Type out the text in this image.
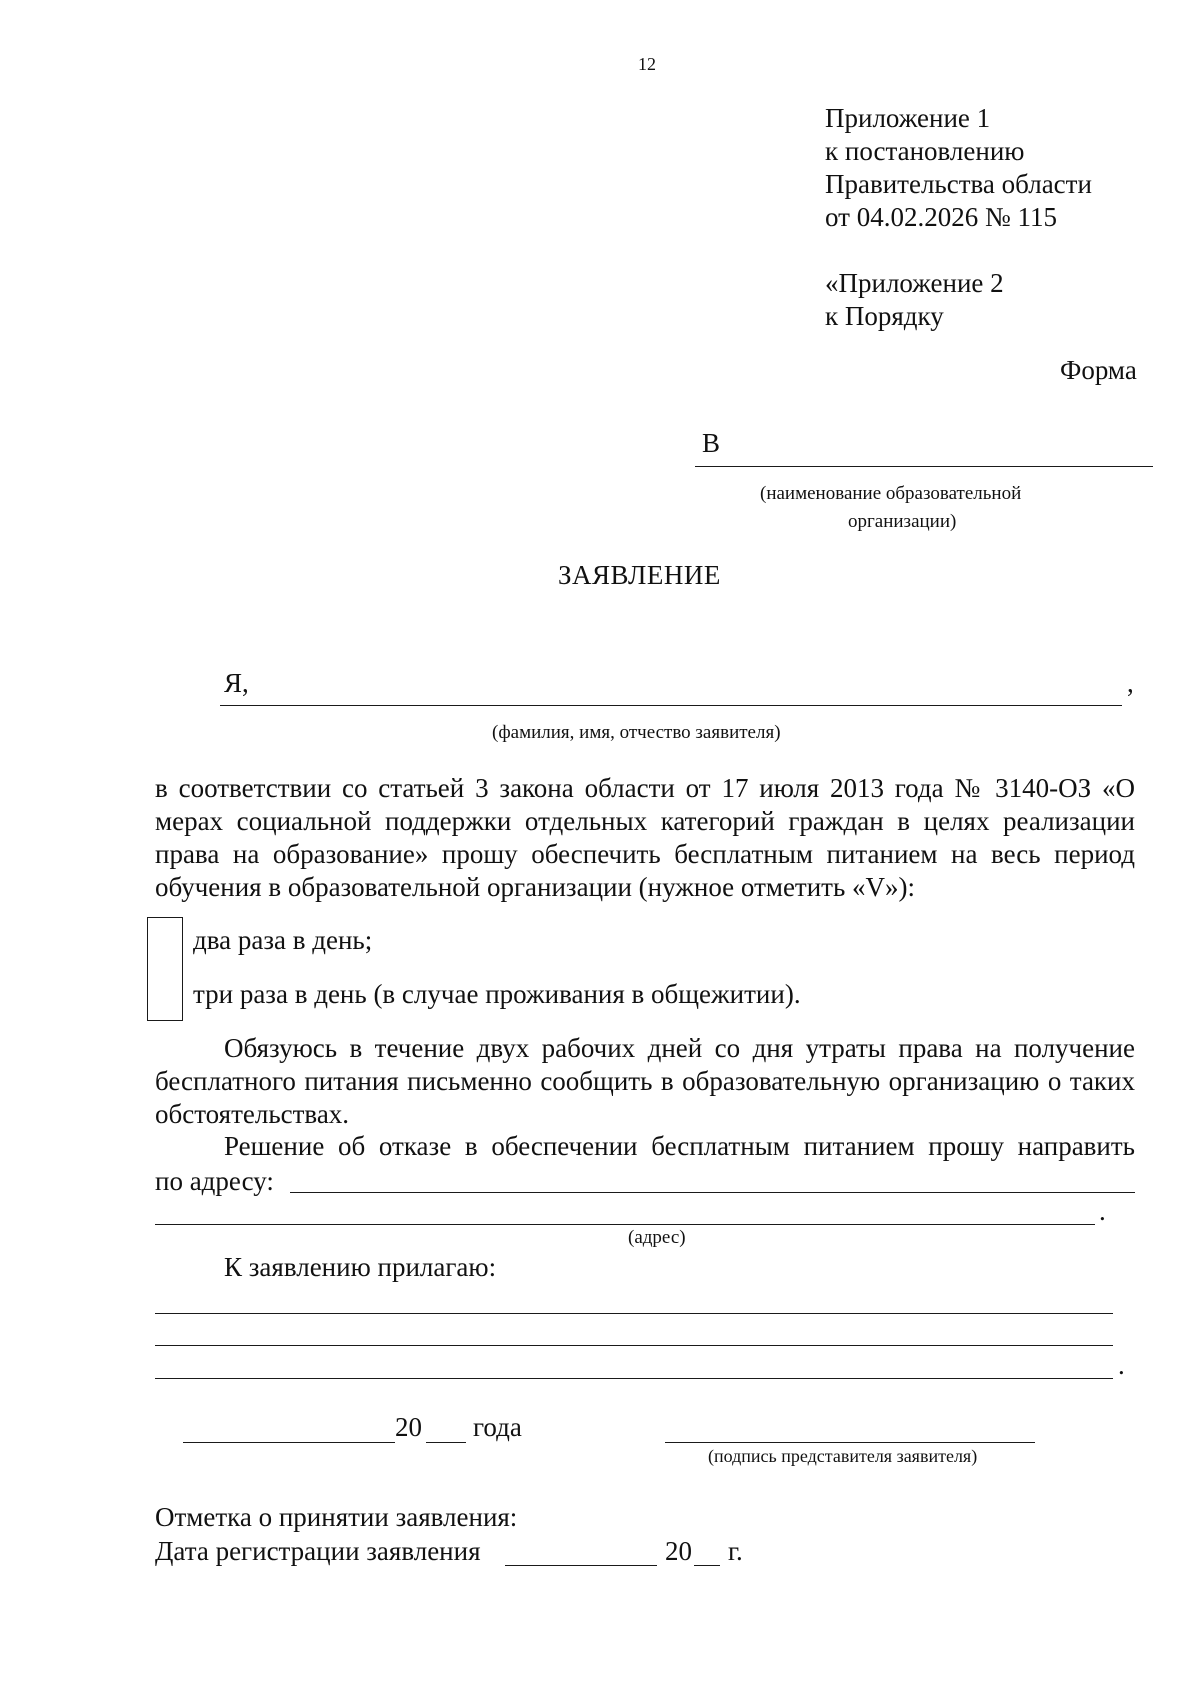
12
Приложение 1
к постановлению
Правительства области
от 04.02.2026 № 115
«Приложение 2
к Порядку
Форма
В
(наименование образовательной
организации)
ЗАЯВЛЕНИЕ
Я,	,
(фамилия, имя, отчество заявителя)
в соответствии со статьей 3 закона области от 17 июля 2013 года № 3140-ОЗ «О мерах социальной поддержки отдельных категорий граждан в целях реализации права на образование» прошу обеспечить бесплатным питанием на весь период обучения в образовательной организации (нужное отметить «V»):
два раза в день;
три раза в день (в случае проживания в общежитии).
Обязуюсь в течение двух рабочих дней со дня утраты права на получение бесплатного питания письменно сообщить в образовательную организацию о таких обстоятельствах.
Решение об отказе в обеспечении бесплатным питанием прошу направить
по адресу:
.
(адрес)
К заявлению прилагаю:
.
20 года
(подпись представителя заявителя)
Отметка о принятии заявления:
Дата регистрации заявления	20 г.
